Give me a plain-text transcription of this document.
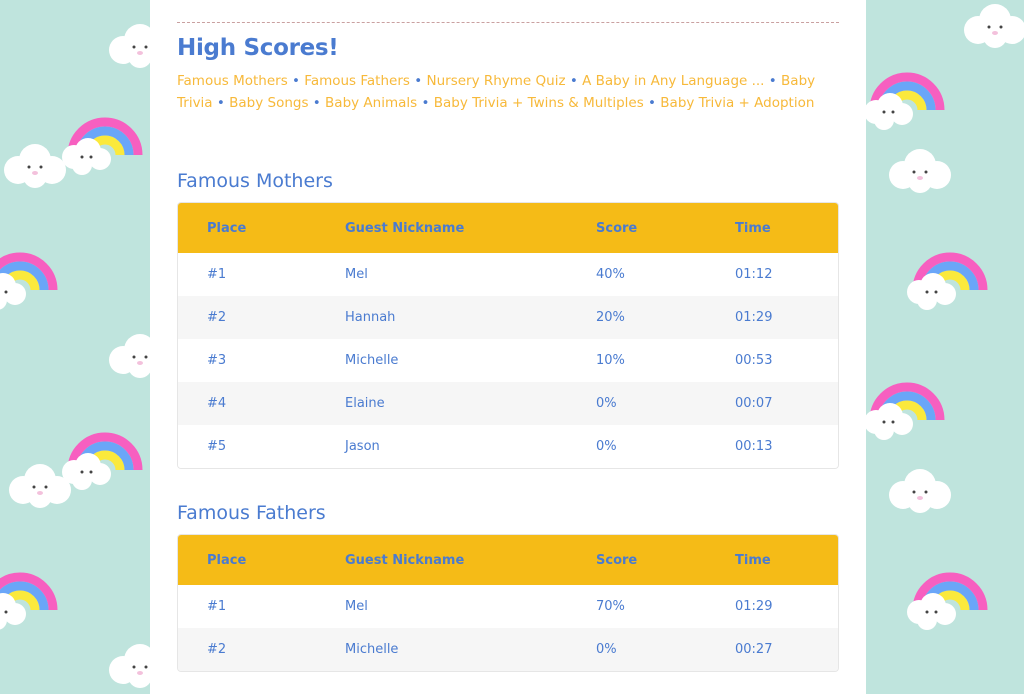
High Scores!
Famous Mothers • Famous Fathers • Nursery Rhyme Quiz • A Baby in Any Language ... • Baby Trivia • Baby Songs • Baby Animals • Baby Trivia + Twins & Multiples • Baby Trivia + Adoption
Famous Mothers
Place	Guest Nickname	Score	Time
#1	Mel	40%	01:12
#2	Hannah	20%	01:29
#3	Michelle	10%	00:53
#4	Elaine	0%	00:07
#5	Jason	0%	00:13
Famous Fathers
Place	Guest Nickname	Score	Time
#1	Mel	70%	01:29
#2	Michelle	0%	00:27
